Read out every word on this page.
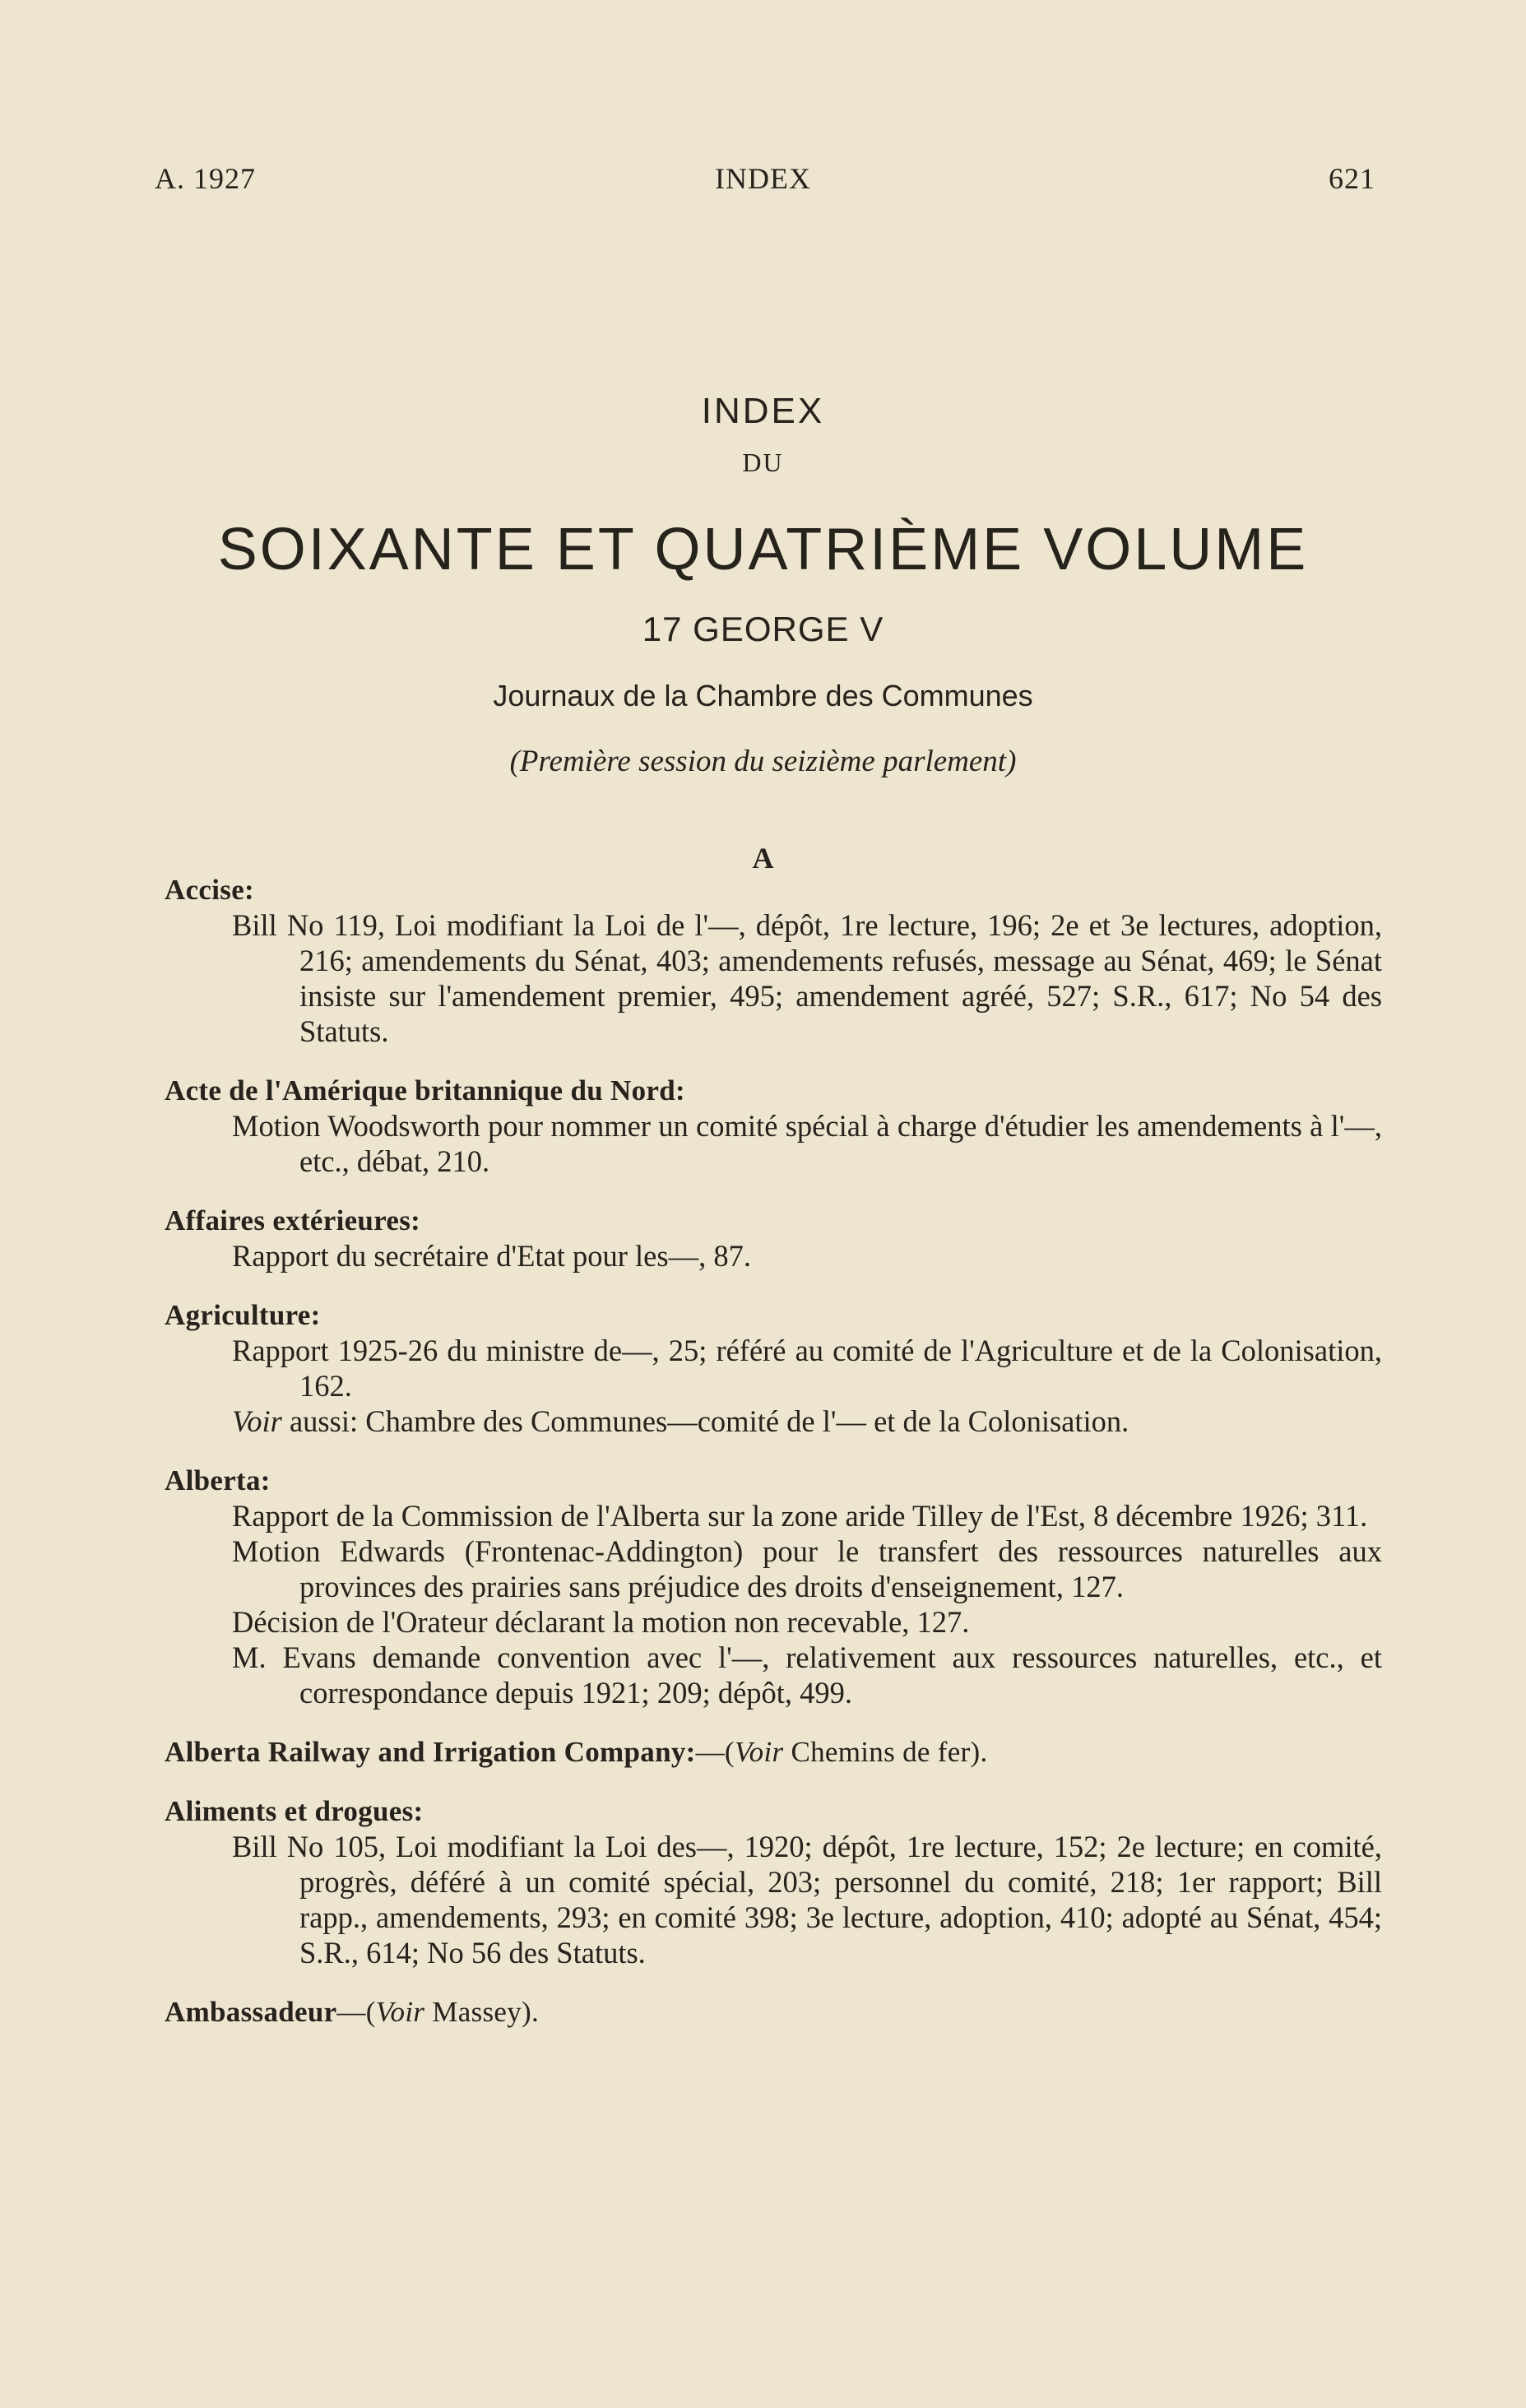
A. 1927	INDEX	621
INDEX
DU
SOIXANTE ET QUATRIÈME VOLUME
17 GEORGE V
Journaux de la Chambre des Communes
(Première session du seizième parlement)
A
Accise:

Bill No 119, Loi modifiant la Loi de l'—, dépôt, 1re lecture, 196; 2e et 3e lectures, adoption, 216; amendements du Sénat, 403; amendements refusés, message au Sénat, 469; le Sénat insiste sur l'amendement premier, 495; amendement agréé, 527; S.R., 617; No 54 des Statuts.

Acte de l'Amérique britannique du Nord:

Motion Woodsworth pour nommer un comité spécial à charge d'étudier les amendements à l'—, etc., débat, 210.

Affaires extérieures:

Rapport du secrétaire d'Etat pour les—, 87.

Agriculture:

Rapport 1925-26 du ministre de—, 25; référé au comité de l'Agriculture et de la Colonisation, 162.

Voir aussi: Chambre des Communes—comité de l'— et de la Colonisation.

Alberta:

Rapport de la Commission de l'Alberta sur la zone aride Tilley de l'Est, 8 décembre 1926; 311.

Motion Edwards (Frontenac-Addington) pour le transfert des ressources naturelles aux provinces des prairies sans préjudice des droits d'enseignement, 127.

Décision de l'Orateur déclarant la motion non recevable, 127.

M. Evans demande convention avec l'—, relativement aux ressources naturelles, etc., et correspondance depuis 1921; 209; dépôt, 499.

Alberta Railway and Irrigation Company:—(Voir Chemins de fer).
Aliments et drogues:

Bill No 105, Loi modifiant la Loi des—, 1920; dépôt, 1re lecture, 152; 2e lecture; en comité, progrès, déféré à un comité spécial, 203; personnel du comité, 218; 1er rapport; Bill rapp., amendements, 293; en comité 398; 3e lecture, adoption, 410; adopté au Sénat, 454; S.R., 614; No 56 des Statuts.

Ambassadeur—(Voir Massey).
